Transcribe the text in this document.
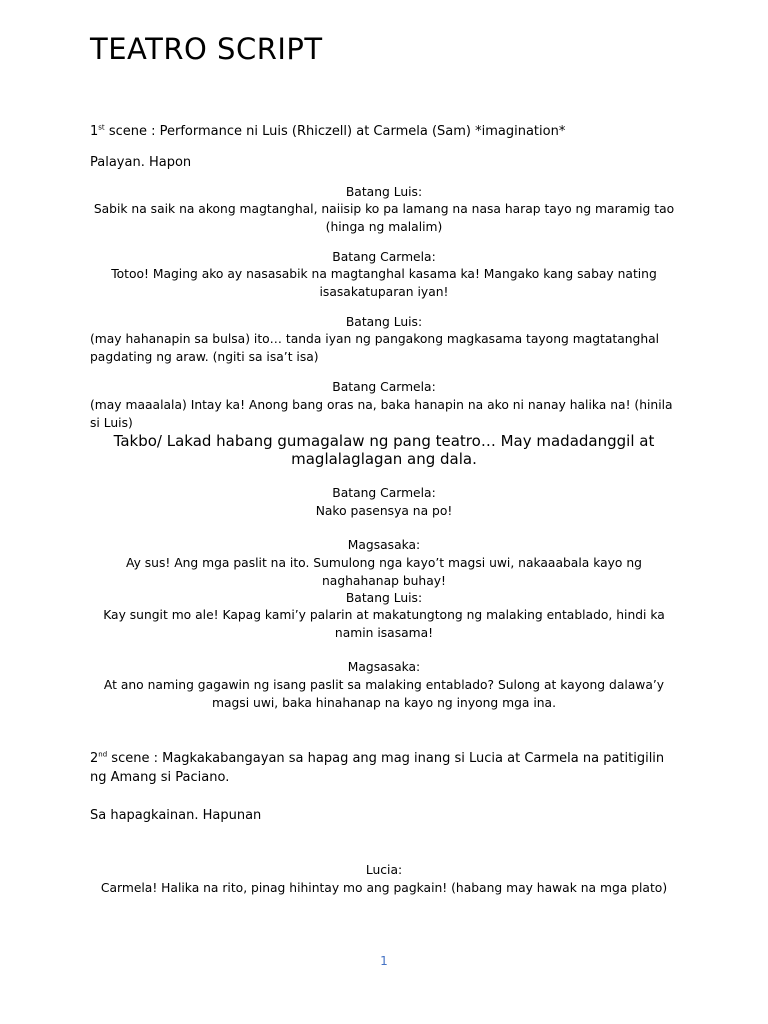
TEATRO SCRIPT

1st scene : Performance ni Luis (Rhiczell) at Carmela (Sam) *imagination*

Palayan. Hapon

Batang Luis:
Sabik na saik na akong magtanghal, naiisip ko pa lamang na nasa harap tayo ng maramig tao (hinga ng malalim)
Batang Carmela:
Totoo! Maging ako ay nasasabik na magtanghal kasama ka! Mangako kang sabay nating isasakatuparan iyan!
Batang Luis:
(may hahanapin sa bulsa) ito… tanda iyan ng pangakong magkasama tayong magtatanghal pagdating ng araw. (ngiti sa isa’t isa)
Batang Carmela:
(may maaalala) Intay ka! Anong bang oras na, baka hanapin na ako ni nanay halika na! (hinila si Luis)
Takbo/ Lakad habang gumagalaw ng pang teatro… May madadanggil at maglalaglagan ang dala.
Batang Carmela:
Nako pasensya na po!
Magsasaka:
Ay sus! Ang mga paslit na ito. Sumulong nga kayo’t magsi uwi, nakaaabala kayo ng naghahanap buhay!
Batang Luis:
Kay sungit mo ale! Kapag kami’y palarin at makatungtong ng malaking entablado, hindi ka namin isasama!
Magsasaka:
At ano naming gagawin ng isang paslit sa malaking entablado? Sulong at kayong dalawa’y magsi uwi, baka hinahanap na kayo ng inyong mga ina.

2nd scene : Magkakabangayan sa hapag ang mag inang si Lucia at Carmela na patitigilin ng Amang si Paciano.

Sa hapagkainan. Hapunan

Lucia:
Carmela! Halika na rito, pinag hihintay mo ang pagkain! (habang may hawak na mga plato)
1
